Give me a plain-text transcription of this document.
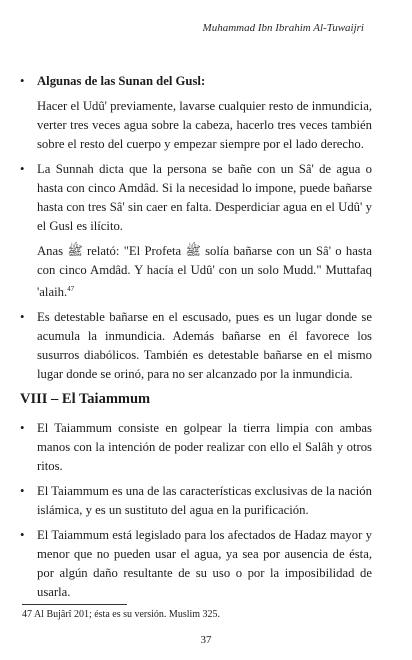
Muhammad Ibn Ibrahim Al-Tuwaijri
• Algunas de las Sunan del Gusl:

Hacer el Udû' previamente, lavarse cualquier resto de inmundicia, verter tres veces agua sobre la cabeza, hacerlo tres veces también sobre el resto del cuerpo y empezar siempre por el lado derecho.

• La Sunnah dicta que la persona se bañe con un Sâ' de agua o hasta con cinco Amdâd. Si la necesidad lo impone, puede bañarse hasta con tres Sâ' sin caer en falta. Desperdiciar agua en el Udû' y el Gusl es ilícito.

Anas ﷺ relató: "El Profeta ﷺ solía bañarse con un Sâ' o hasta con cinco Amdâd. Y hacía el Udû' con un solo Mudd." Muttafaq 'alaih.$^{47}$

• Es detestable bañarse en el escusado, pues es un lugar donde se acumula la inmundicia. Además bañarse en él favorece los susurros diabólicos. También es detestable bañarse en el mismo lugar donde se orinó, para no ser alcanzado por la inmundicia.

VIII – El Taiammum
• El Taiammum consiste en golpear la tierra limpia con ambas manos con la intención de poder realizar con ello el Salâh y otros ritos.

• El Taiammum es una de las características exclusivas de la nación islámica, y es un sustituto del agua en la purificación.

• El Taiammum está legislado para los afectados de Hadaz mayor y menor que no pueden usar el agua, ya sea por ausencia de ésta, por algún daño resultante de su uso o por la imposibilidad de usarla.

47 Al Bujârî 201; ésta es su versión. Muslim 325.
37
